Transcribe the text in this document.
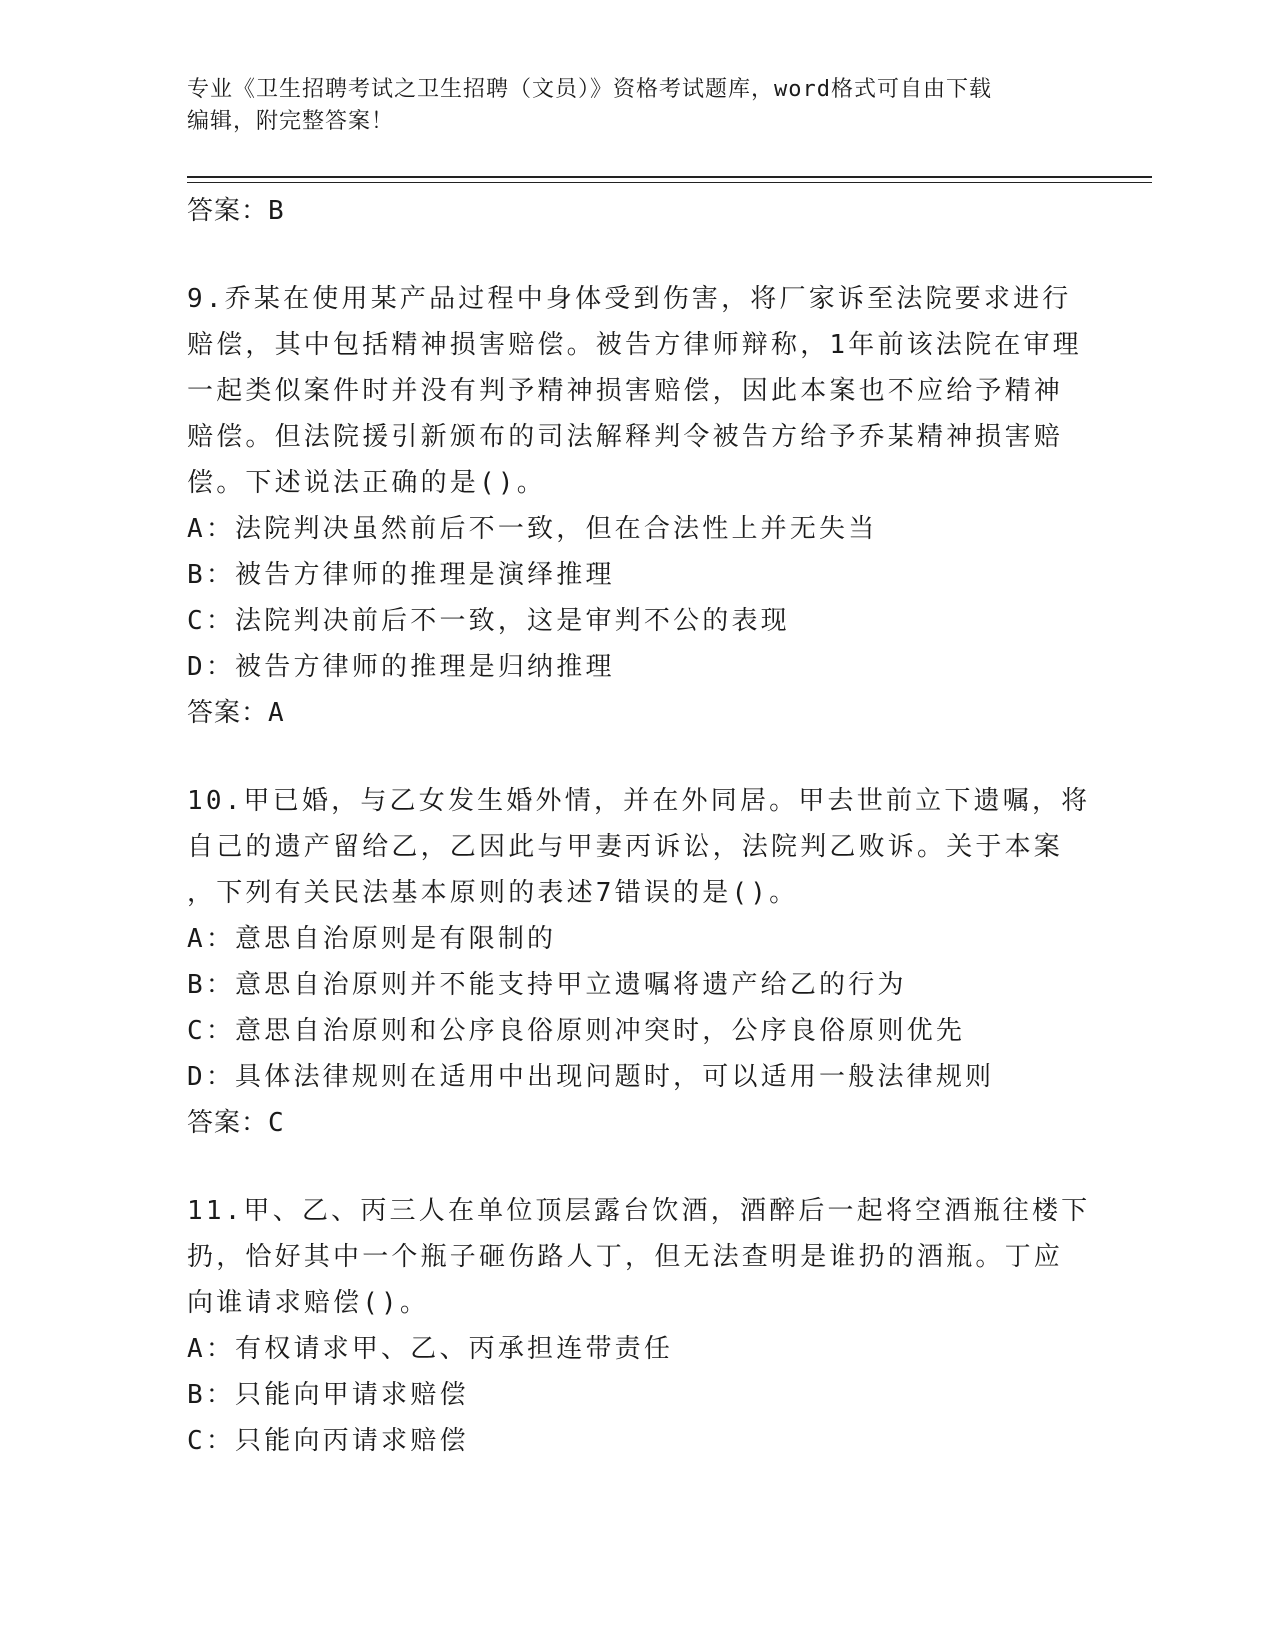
专业《卫生招聘考试之卫生招聘（文员）》资格考试题库，word格式可自由下载
编辑，附完整答案！
答案：B
9.乔某在使用某产品过程中身体受到伤害，将厂家诉至法院要求进行
赔偿，其中包括精神损害赔偿。被告方律师辩称，1年前该法院在审理
一起类似案件时并没有判予精神损害赔偿，因此本案也不应给予精神
赔偿。但法院援引新颁布的司法解释判令被告方给予乔某精神损害赔
偿。下述说法正确的是()。
A：法院判决虽然前后不一致，但在合法性上并无失当
B：被告方律师的推理是演绎推理
C：法院判决前后不一致，这是审判不公的表现
D：被告方律师的推理是归纳推理
答案：A
10.甲已婚，与乙女发生婚外情，并在外同居。甲去世前立下遗嘱，将
自己的遗产留给乙，乙因此与甲妻丙诉讼，法院判乙败诉。关于本案
，下列有关民法基本原则的表述7错误的是()。
A：意思自治原则是有限制的
B：意思自治原则并不能支持甲立遗嘱将遗产给乙的行为
C：意思自治原则和公序良俗原则冲突时，公序良俗原则优先
D：具体法律规则在适用中出现问题时，可以适用一般法律规则
答案：C
11.甲、乙、丙三人在单位顶层露台饮酒，酒醉后一起将空酒瓶往楼下
扔，恰好其中一个瓶子砸伤路人丁，但无法查明是谁扔的酒瓶。丁应
向谁请求赔偿()。
A：有权请求甲、乙、丙承担连带责任
B：只能向甲请求赔偿
C：只能向丙请求赔偿
